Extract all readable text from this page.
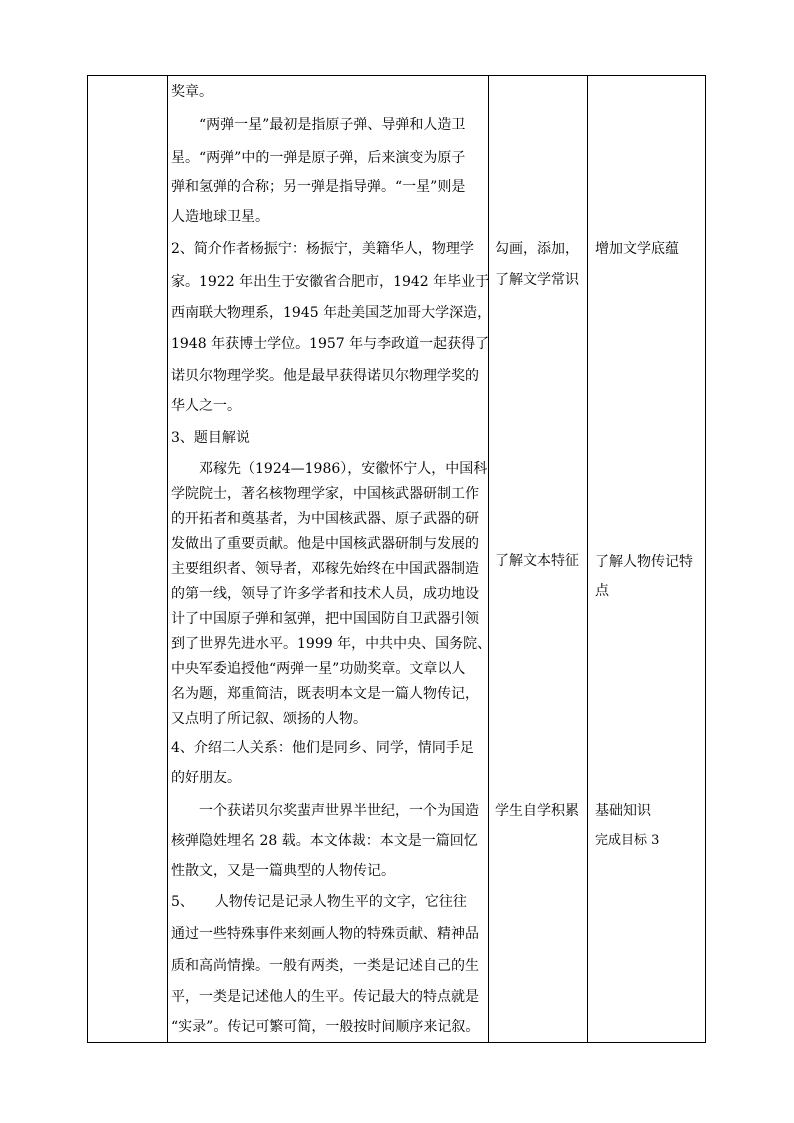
奖章。
　　“两弹一星”最初是指原子弹、导弹和人造卫
星。“两弹”中的一弹是原子弹，后来演变为原子
弹和氢弹的合称；另一弹是指导弹。“一星”则是
人造地球卫星。
2、简介作者杨振宁：杨振宁，美籍华人，物理学
家。1922 年出生于安徽省合肥市，1942 年毕业于
西南联大物理系，1945 年赴美国芝加哥大学深造，
1948 年获博士学位。1957 年与李政道一起获得了
诺贝尔物理学奖。他是最早获得诺贝尔物理学奖的
华人之一。
3、题目解说
　　邓稼先（1924—1986），安徽怀宁人，中国科
学院院士，著名核物理学家，中国核武器研制工作
的开拓者和奠基者，为中国核武器、原子武器的研
发做出了重要贡献。他是中国核武器研制与发展的
主要组织者、领导者，邓稼先始终在中国武器制造
的第一线，领导了许多学者和技术人员，成功地设
计了中国原子弹和氢弹，把中国国防自卫武器引领
到了世界先进水平。1999 年，中共中央、国务院、
中央军委追授他“两弹一星”功勋奖章。文章以人
名为题，郑重简洁，既表明本文是一篇人物传记，
又点明了所记叙、颂扬的人物。
4、介绍二人关系：他们是同乡、同学，情同手足
的好朋友。
　　一个获诺贝尔奖蜚声世界半世纪，一个为国造
核弹隐姓埋名 28 载。本文体裁：本文是一篇回忆
性散文，又是一篇典型的人物传记。
5、　　人物传记是记录人物生平的文字，它往往
通过一些特殊事件来刻画人物的特殊贡献、精神品
质和高尚情操。一般有两类，一类是记述自己的生
平，一类是记述他人的生平。传记最大的特点就是
“实录”。传记可繁可简，一般按时间顺序来记叙。
勾画，添加，
了解文学常识
了解文本特征
学生自学积累
增加文学底蕴
了解人物传记特
点
基础知识
完成目标 3
